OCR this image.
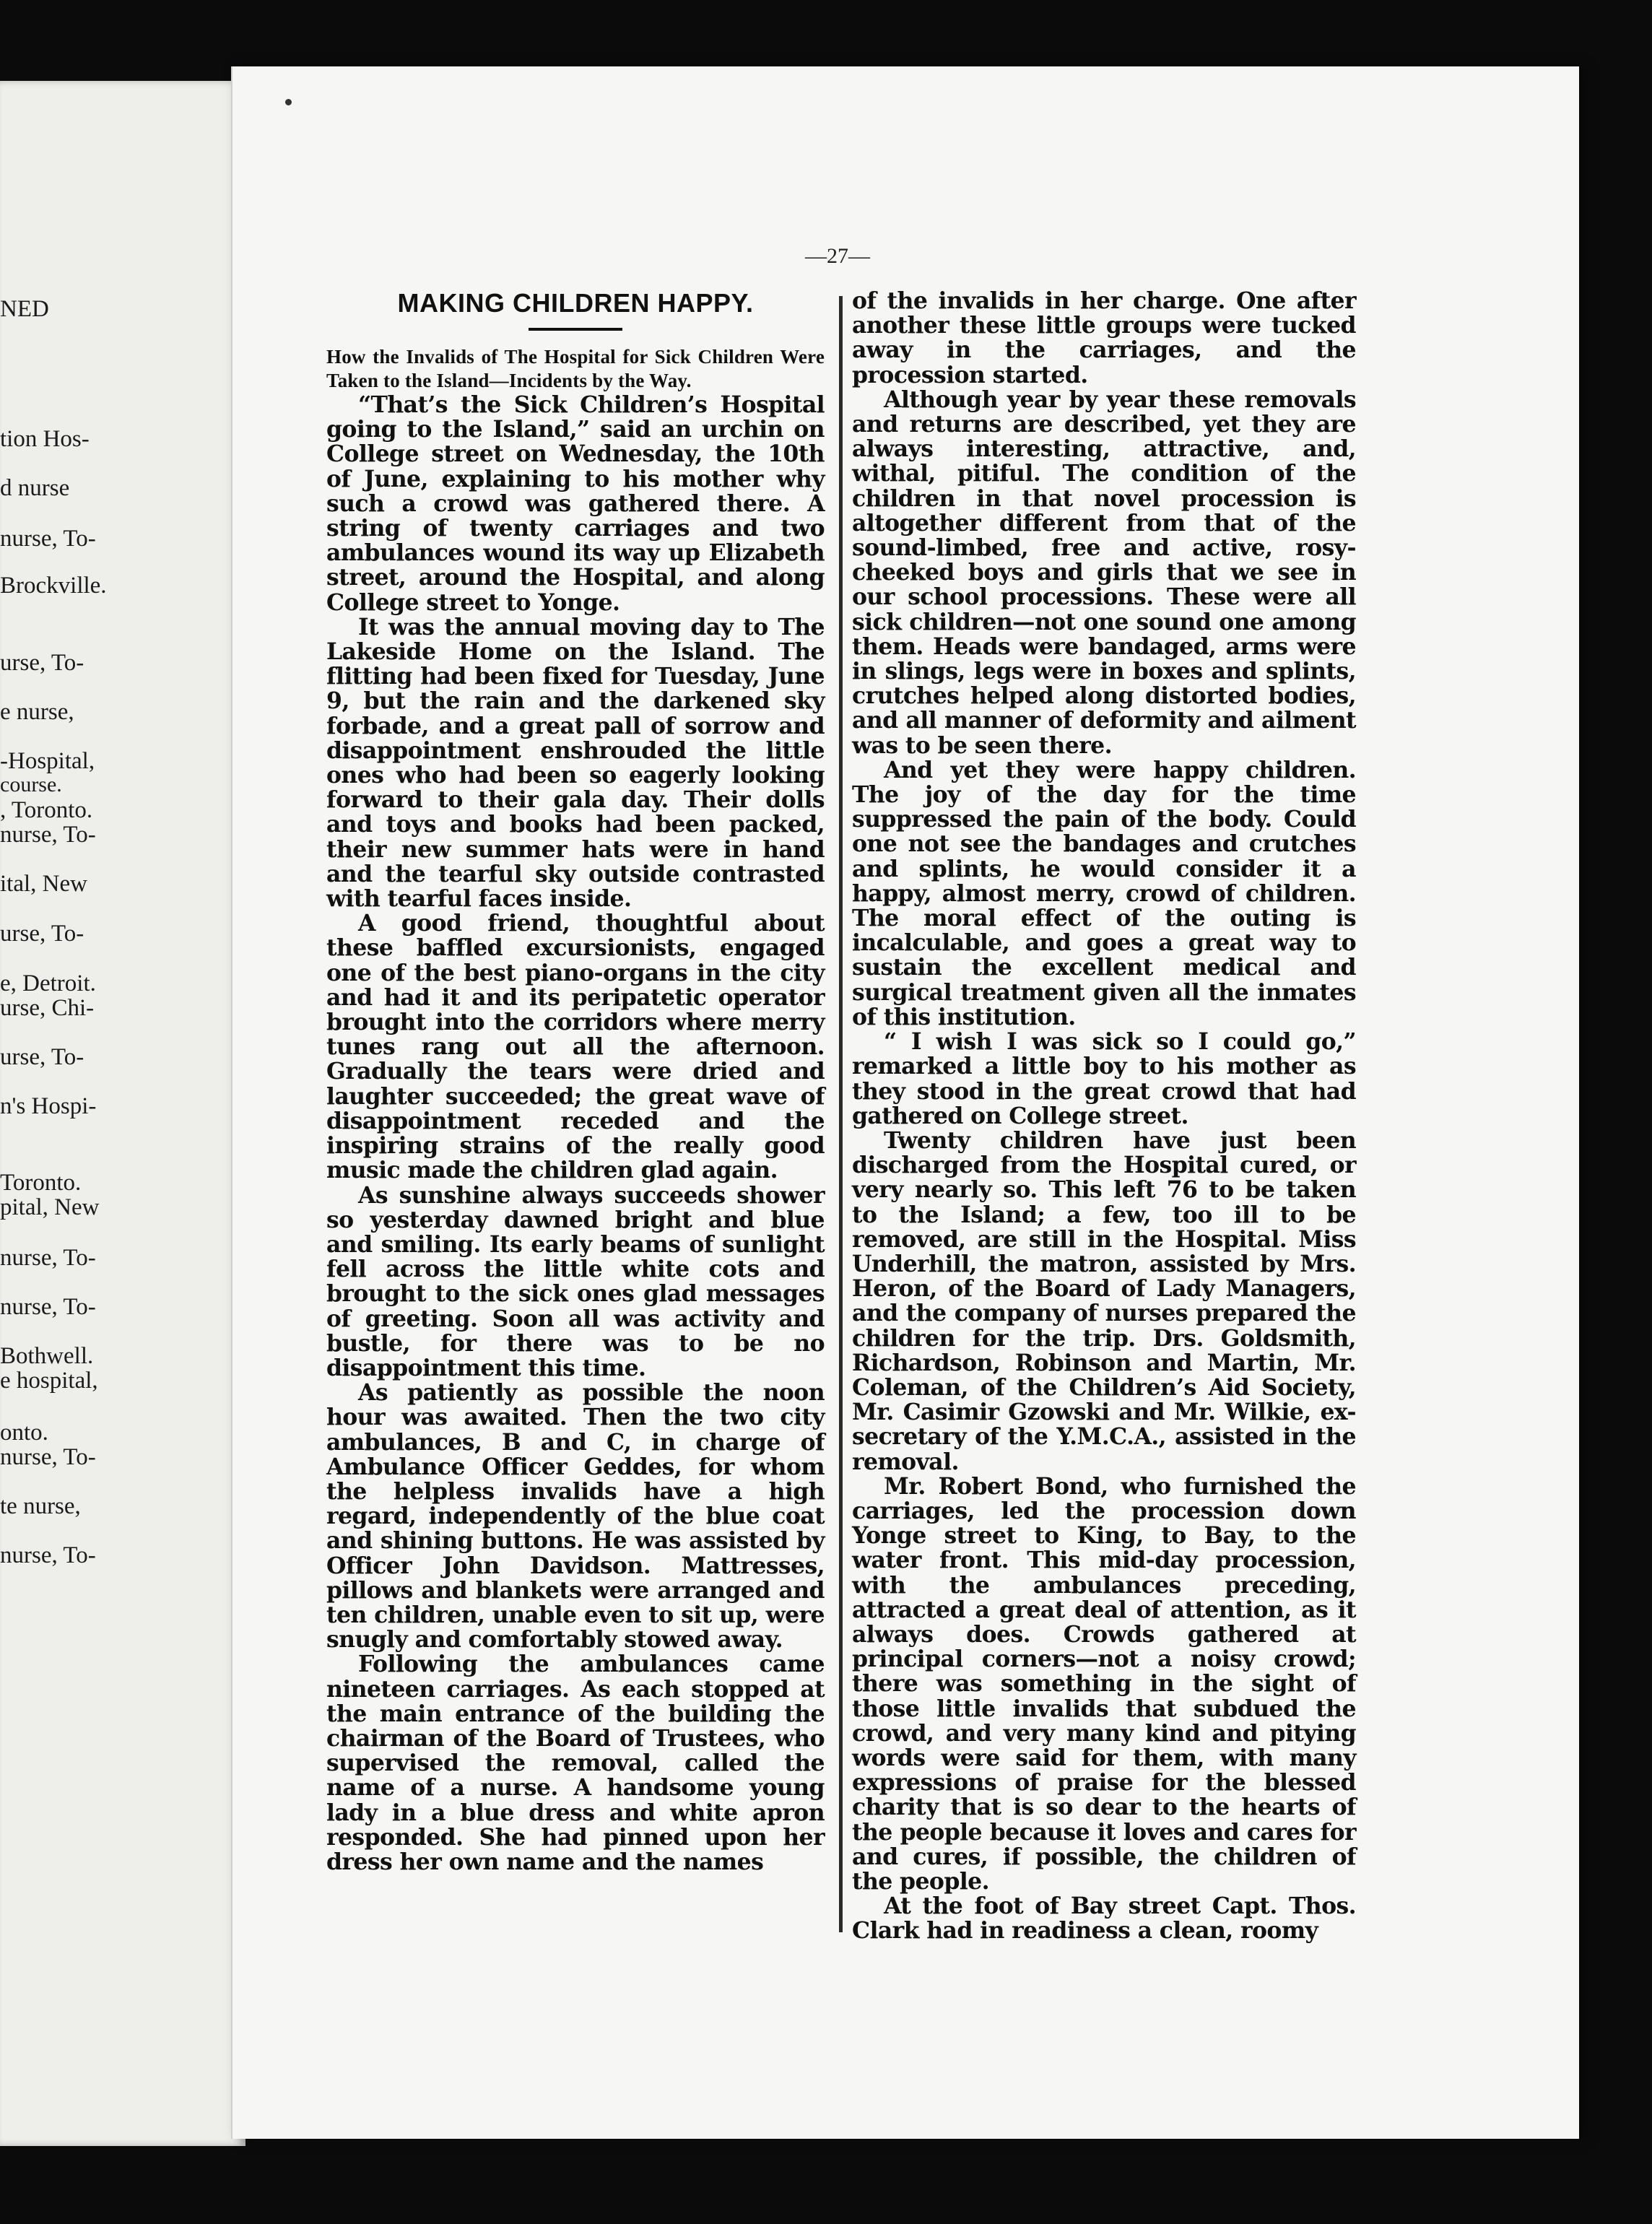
NED
tion Hos-
d nurse
nurse, To-
Brockville.
urse, To-
e nurse,
-Hospital,
course.
, Toronto.
nurse, To-
ital, New
urse, To-
e, Detroit.
urse, Chi-
urse, To-
n's Hospi-
Toronto.
pital, New
nurse, To-
nurse, To-
Bothwell.
e hospital,
onto.
nurse, To-
te nurse,
nurse, To-
—27—
MAKING CHILDREN HAPPY.

How the Invalids of The Hospital for Sick Children Were Taken to the Island—Incidents by the Way.

“That’s the Sick Children’s Hospital going to the Island,” said an urchin on College street on Wednesday, the 10th of June, explaining to his mother why such a crowd was gathered there. A string of twenty carriages and two ambulances wound its way up Elizabeth street, around the Hospital, and along College street to Yonge.

It was the annual moving day to The Lakeside Home on the Island. The flitting had been fixed for Tuesday, June 9, but the rain and the darkened sky forbade, and a great pall of sorrow and disappointment enshrouded the little ones who had been so eagerly looking forward to their gala day. Their dolls and toys and books had been packed, their new summer hats were in hand and the tearful sky outside contrasted with tearful faces inside.

A good friend, thoughtful about these baffled excursionists, engaged one of the best piano-organs in the city and had it and its peripatetic operator brought into the corridors where merry tunes rang out all the afternoon. Gradually the tears were dried and laughter succeeded; the great wave of disappointment receded and the inspiring strains of the really good music made the children glad again.

As sunshine always succeeds shower so yesterday dawned bright and blue and smiling. Its early beams of sunlight fell across the little white cots and brought to the sick ones glad messages of greeting. Soon all was activity and bustle, for there was to be no disappointment this time.

As patiently as possible the noon hour was awaited. Then the two city ambulances, B and C, in charge of Ambulance Officer Geddes, for whom the helpless invalids have a high regard, independently of the blue coat and shining buttons. He was assisted by Officer John Davidson. Mattresses, pillows and blankets were arranged and ten children, unable even to sit up, were snugly and comfortably stowed away.

Following the ambulances came nineteen carriages. As each stopped at the main entrance of the building the chairman of the Board of Trustees, who supervised the removal, called the name of a nurse. A handsome young lady in a blue dress and white apron responded. She had pinned upon her dress her own name and the names

of the invalids in her charge. One after another these little groups were tucked away in the carriages, and the procession started.

Although year by year these removals and returns are described, yet they are always interesting, attractive, and, withal, pitiful. The condition of the children in that novel procession is altogether different from that of the sound-limbed, free and active, rosy-cheeked boys and girls that we see in our school processions. These were all sick children—not one sound one among them. Heads were bandaged, arms were in slings, legs were in boxes and splints, crutches helped along distorted bodies, and all manner of deformity and ailment was to be seen there.

And yet they were happy children. The joy of the day for the time suppressed the pain of the body. Could one not see the bandages and crutches and splints, he would consider it a happy, almost merry, crowd of children. The moral effect of the outing is incalculable, and goes a great way to sustain the excellent medical and surgical treatment given all the inmates of this institution.

“ I wish I was sick so I could go,” remarked a little boy to his mother as they stood in the great crowd that had gathered on College street.

Twenty children have just been discharged from the Hospital cured, or very nearly so. This left 76 to be taken to the Island; a few, too ill to be removed, are still in the Hospital. Miss Underhill, the matron, assisted by Mrs. Heron, of the Board of Lady Managers, and the company of nurses prepared the children for the trip. Drs. Goldsmith, Richardson, Robinson and Martin, Mr. Coleman, of the Children’s Aid Society, Mr. Casimir Gzowski and Mr. Wilkie, ex-secretary of the Y.M.C.A., assisted in the removal.

Mr. Robert Bond, who furnished the carriages, led the procession down Yonge street to King, to Bay, to the water front. This mid-day procession, with the ambulances preceding, attracted a great deal of attention, as it always does. Crowds gathered at principal corners—not a noisy crowd; there was something in the sight of those little invalids that subdued the crowd, and very many kind and pitying words were said for them, with many expressions of praise for the blessed charity that is so dear to the hearts of the people because it loves and cares for and cures, if possible, the children of the people.

At the foot of Bay street Capt. Thos. Clark had in readiness a clean, roomy
